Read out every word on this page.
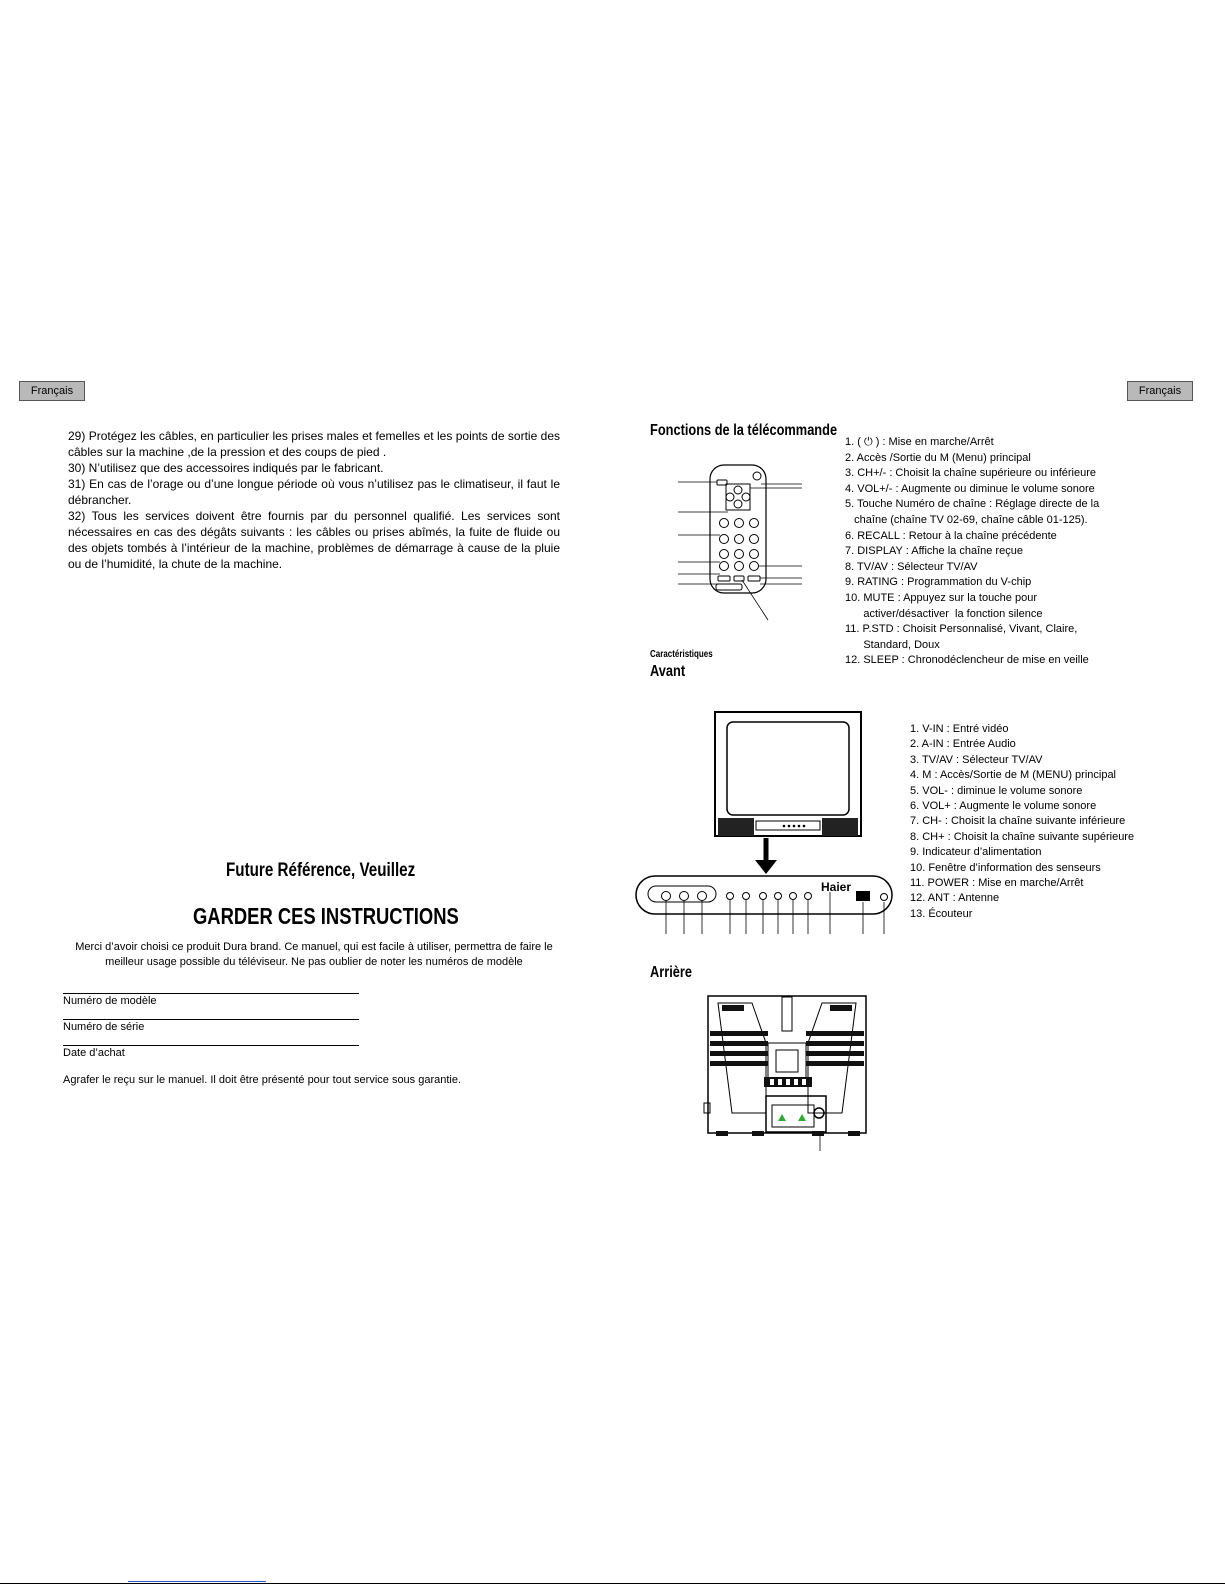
Français	Français

29) Protégez les câbles, en particulier les prises males et femelles et les points de sortie des câbles sur la machine ,de la pression et des coups de pied .

30) N’utilisez que des accessoires indiqués par le fabricant.

31) En cas de l’orage ou d’une longue période où vous n’utilisez pas le climatiseur, il faut le débrancher.

32) Tous les services doivent être fournis par du personnel qualifié. Les services sont nécessaires en cas des dégâts suivants : les câbles ou prises abîmés, la fuite de fluide ou des objets tombés à l’intérieur de la machine, problèmes de démarrage à cause de la pluie ou de l’humidité, la chute de la machine.

Future Référence, Veuillez
GARDER CES INSTRUCTIONS

Merci d’avoir choisi ce produit Dura brand. Ce manuel, qui est facile à utiliser, permettra de faire le meilleur usage possible du téléviseur. Ne pas oublier de noter les numéros de modèle

Numéro de modèle
Numéro de série
Date d’achat
Agrafer le reçu sur le manuel. Il doit être présenté pour tout service sous garantie.
Fonctions de la télécommande
1. ( ⏻ ) : Mise en marche/Arrêt
2. Accès /Sortie du M (Menu) principal
3. CH+/- : Choisit la chaîne supérieure ou inférieure
4. VOL+/- : Augmente ou diminue le volume sonore
5. Touche Numéro de chaîne : Réglage directe de la
chaîne (chaîne TV 02-69, chaîne câble 01-125).
6. RECALL : Retour à la chaîne précédente
7. DISPLAY : Affiche la chaîne reçue
8. TV/AV : Sélecteur TV/AV
9. RATING : Programmation du V-chip
10. MUTE : Appuyez sur la touche pour
activer/désactiver  la fonction silence
11. P.STD : Choisit Personnalisé, Vivant, Claire,
Standard, Doux
12. SLEEP : Chronodéclencheur de mise en veille
Caractéristiques
Avant
Haier
1. V-IN : Entré vidéo
2. A-IN : Entrée Audio
3. TV/AV : Sélecteur TV/AV
4. M : Accès/Sortie de M (MENU) principal
5. VOL- : diminue le volume sonore
6. VOL+ : Augmente le volume sonore
7. CH- : Choisit la chaîne suivante inférieure
8. CH+ : Choisit la chaîne suivante supérieure
9. Indicateur d’alimentation
10. Fenêtre d’information des senseurs
11. POWER : Mise en marche/Arrêt
12. ANT : Antenne
13. Écouteur
Arrière
